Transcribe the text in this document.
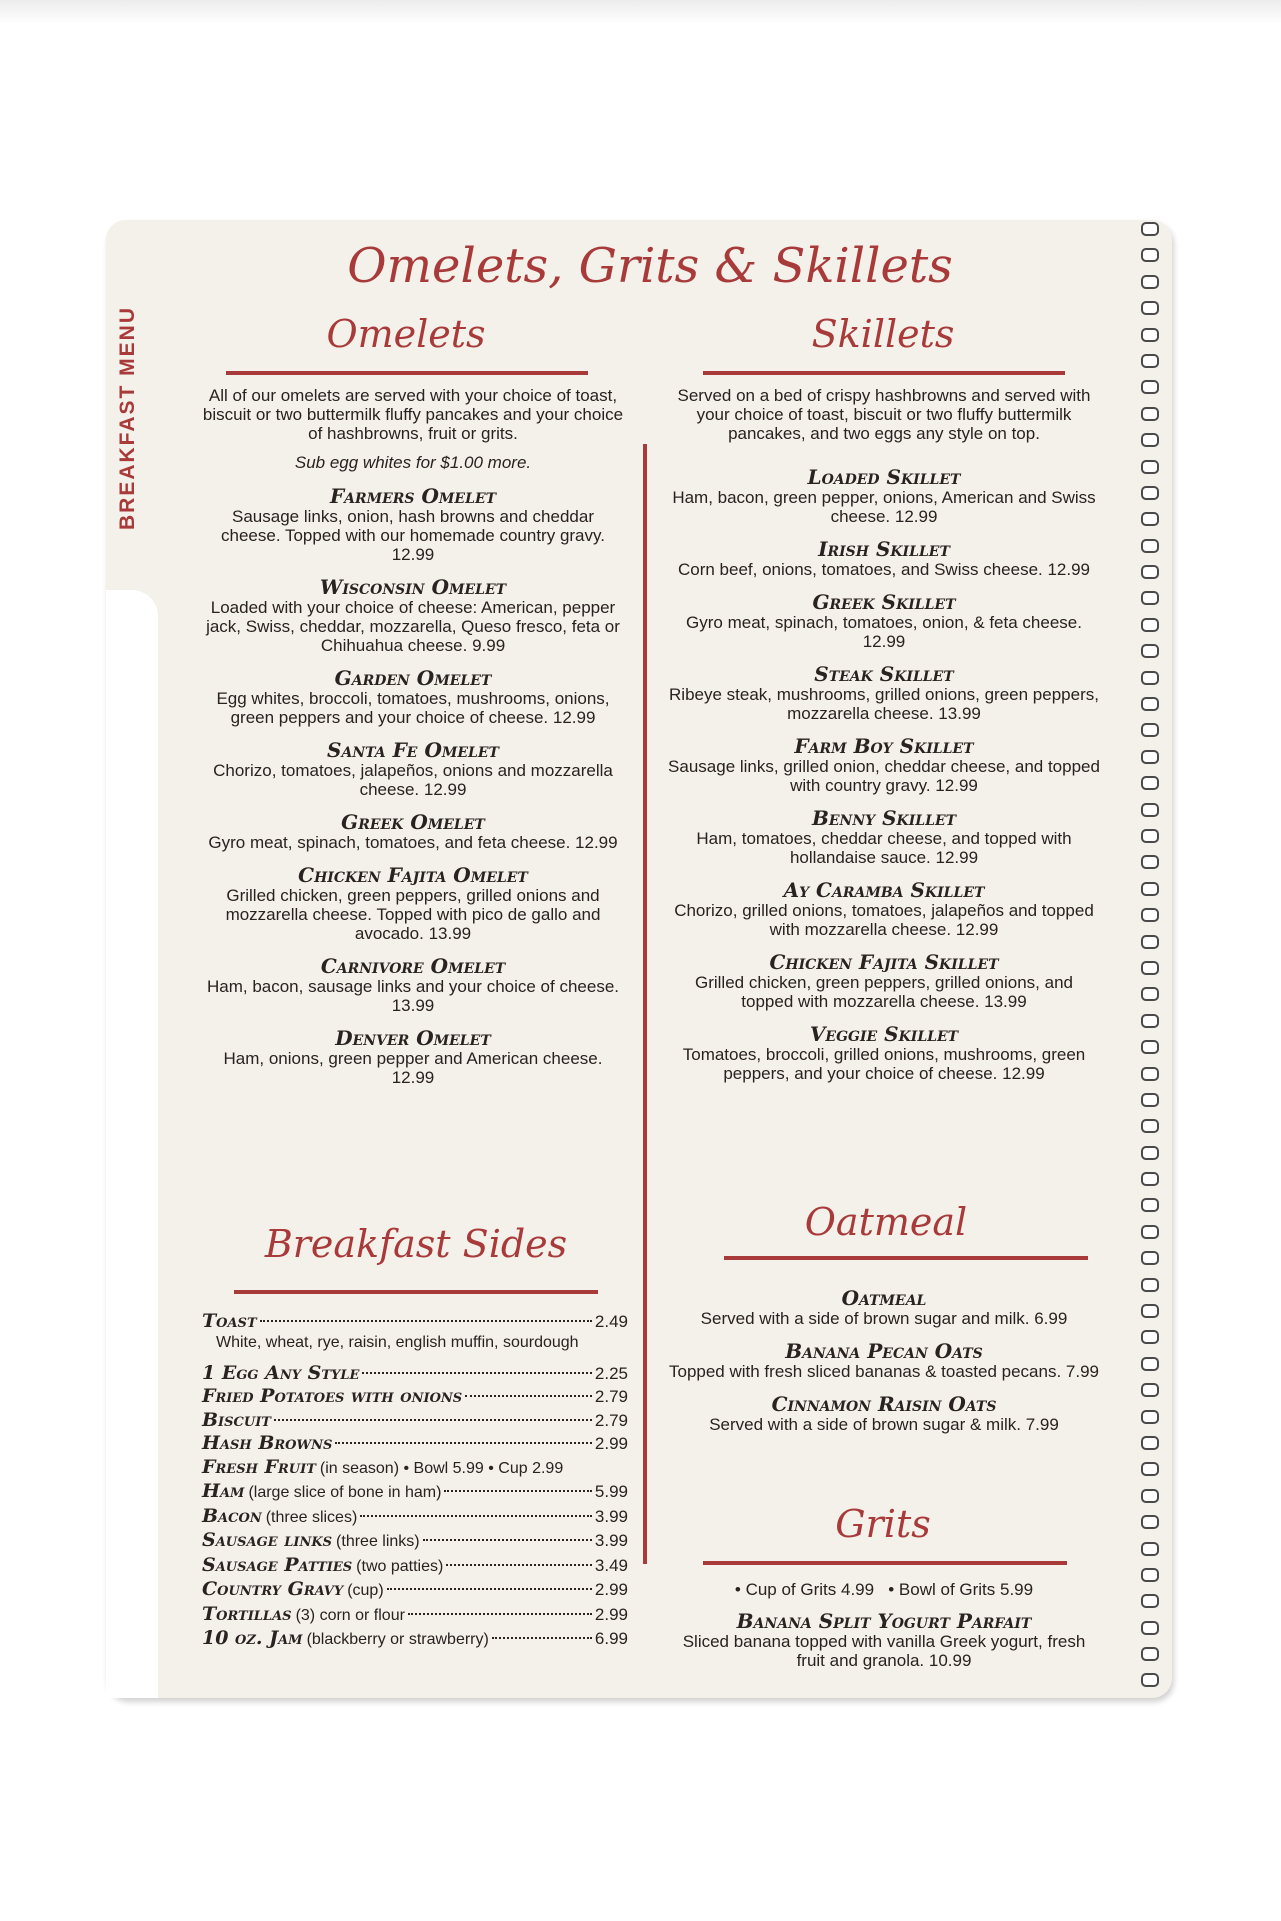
Omelets, Grits & Skillets
Omelets
All of our omelets are served with your choice of toast, biscuit or two buttermilk fluffy pancakes and your choice of hashbrowns, fruit or grits.
Sub egg whites for $1.00 more.
Farmers Omelet
Sausage links, onion, hash browns and cheddar cheese. Topped with our homemade country gravy. 12.99
Wisconsin Omelet
Loaded with your choice of cheese: American, pepper jack, Swiss, cheddar, mozzarella, Queso fresco, feta or Chihuahua cheese. 9.99
Garden Omelet
Egg whites, broccoli, tomatoes, mushrooms, onions, green peppers and your choice of cheese. 12.99
Santa Fe Omelet
Chorizo, tomatoes, jalapeños, onions and mozzarella cheese. 12.99
Greek Omelet
Gyro meat, spinach, tomatoes, and feta cheese. 12.99
Chicken Fajita Omelet
Grilled chicken, green peppers, grilled onions and mozzarella cheese. Topped with pico de gallo and avocado. 13.99
Carnivore Omelet
Ham, bacon, sausage links and your choice of cheese. 13.99
Denver Omelet
Ham, onions, green pepper and American cheese. 12.99
Skillets
Served on a bed of crispy hashbrowns and served with your choice of toast, biscuit or two fluffy buttermilk pancakes, and two eggs any style on top.
Loaded Skillet
Ham, bacon, green pepper, onions, American and Swiss cheese. 12.99
Irish Skillet
Corn beef, onions, tomatoes, and Swiss cheese. 12.99
Greek Skillet
Gyro meat, spinach, tomatoes, onion, & feta cheese. 12.99
Steak Skillet
Ribeye steak, mushrooms, grilled onions, green peppers, mozzarella cheese. 13.99
Farm Boy Skillet
Sausage links, grilled onion, cheddar cheese, and topped with country gravy. 12.99
Benny Skillet
Ham, tomatoes, cheddar cheese, and topped with hollandaise sauce. 12.99
Ay Caramba Skillet
Chorizo, grilled onions, tomatoes, jalapeños and topped with mozzarella cheese. 12.99
Chicken Fajita Skillet
Grilled chicken, green peppers, grilled onions, and topped with mozzarella cheese. 13.99
Veggie Skillet
Tomatoes, broccoli, grilled onions, mushrooms, green peppers, and your choice of cheese. 12.99
Breakfast Sides
Toast	2.49
White, wheat, rye, raisin, english muffin, sourdough
1 Egg Any Style	2.25
Fried Potatoes with onions	2.79
Biscuit	2.79
Hash Browns	2.99
Fresh Fruit (in season) • Bowl 5.99 • Cup 2.99
Ham (large slice of bone in ham)	5.99
Bacon (three slices)	3.99
Sausage links (three links)	3.99
Sausage Patties (two patties)	3.49
Country Gravy (cup)	2.99
Tortillas (3) corn or flour	2.99
10 oz. Jam (blackberry or strawberry)	6.99
Oatmeal
Oatmeal
Served with a side of brown sugar and milk. 6.99
Banana Pecan Oats
Topped with fresh sliced bananas & toasted pecans. 7.99
Cinnamon Raisin Oats
Served with a side of brown sugar & milk. 7.99
Grits
• Cup of Grits 4.99 • Bowl of Grits 5.99
Banana Split Yogurt Parfait
Sliced banana topped with vanilla Greek yogurt, fresh fruit and granola. 10.99
